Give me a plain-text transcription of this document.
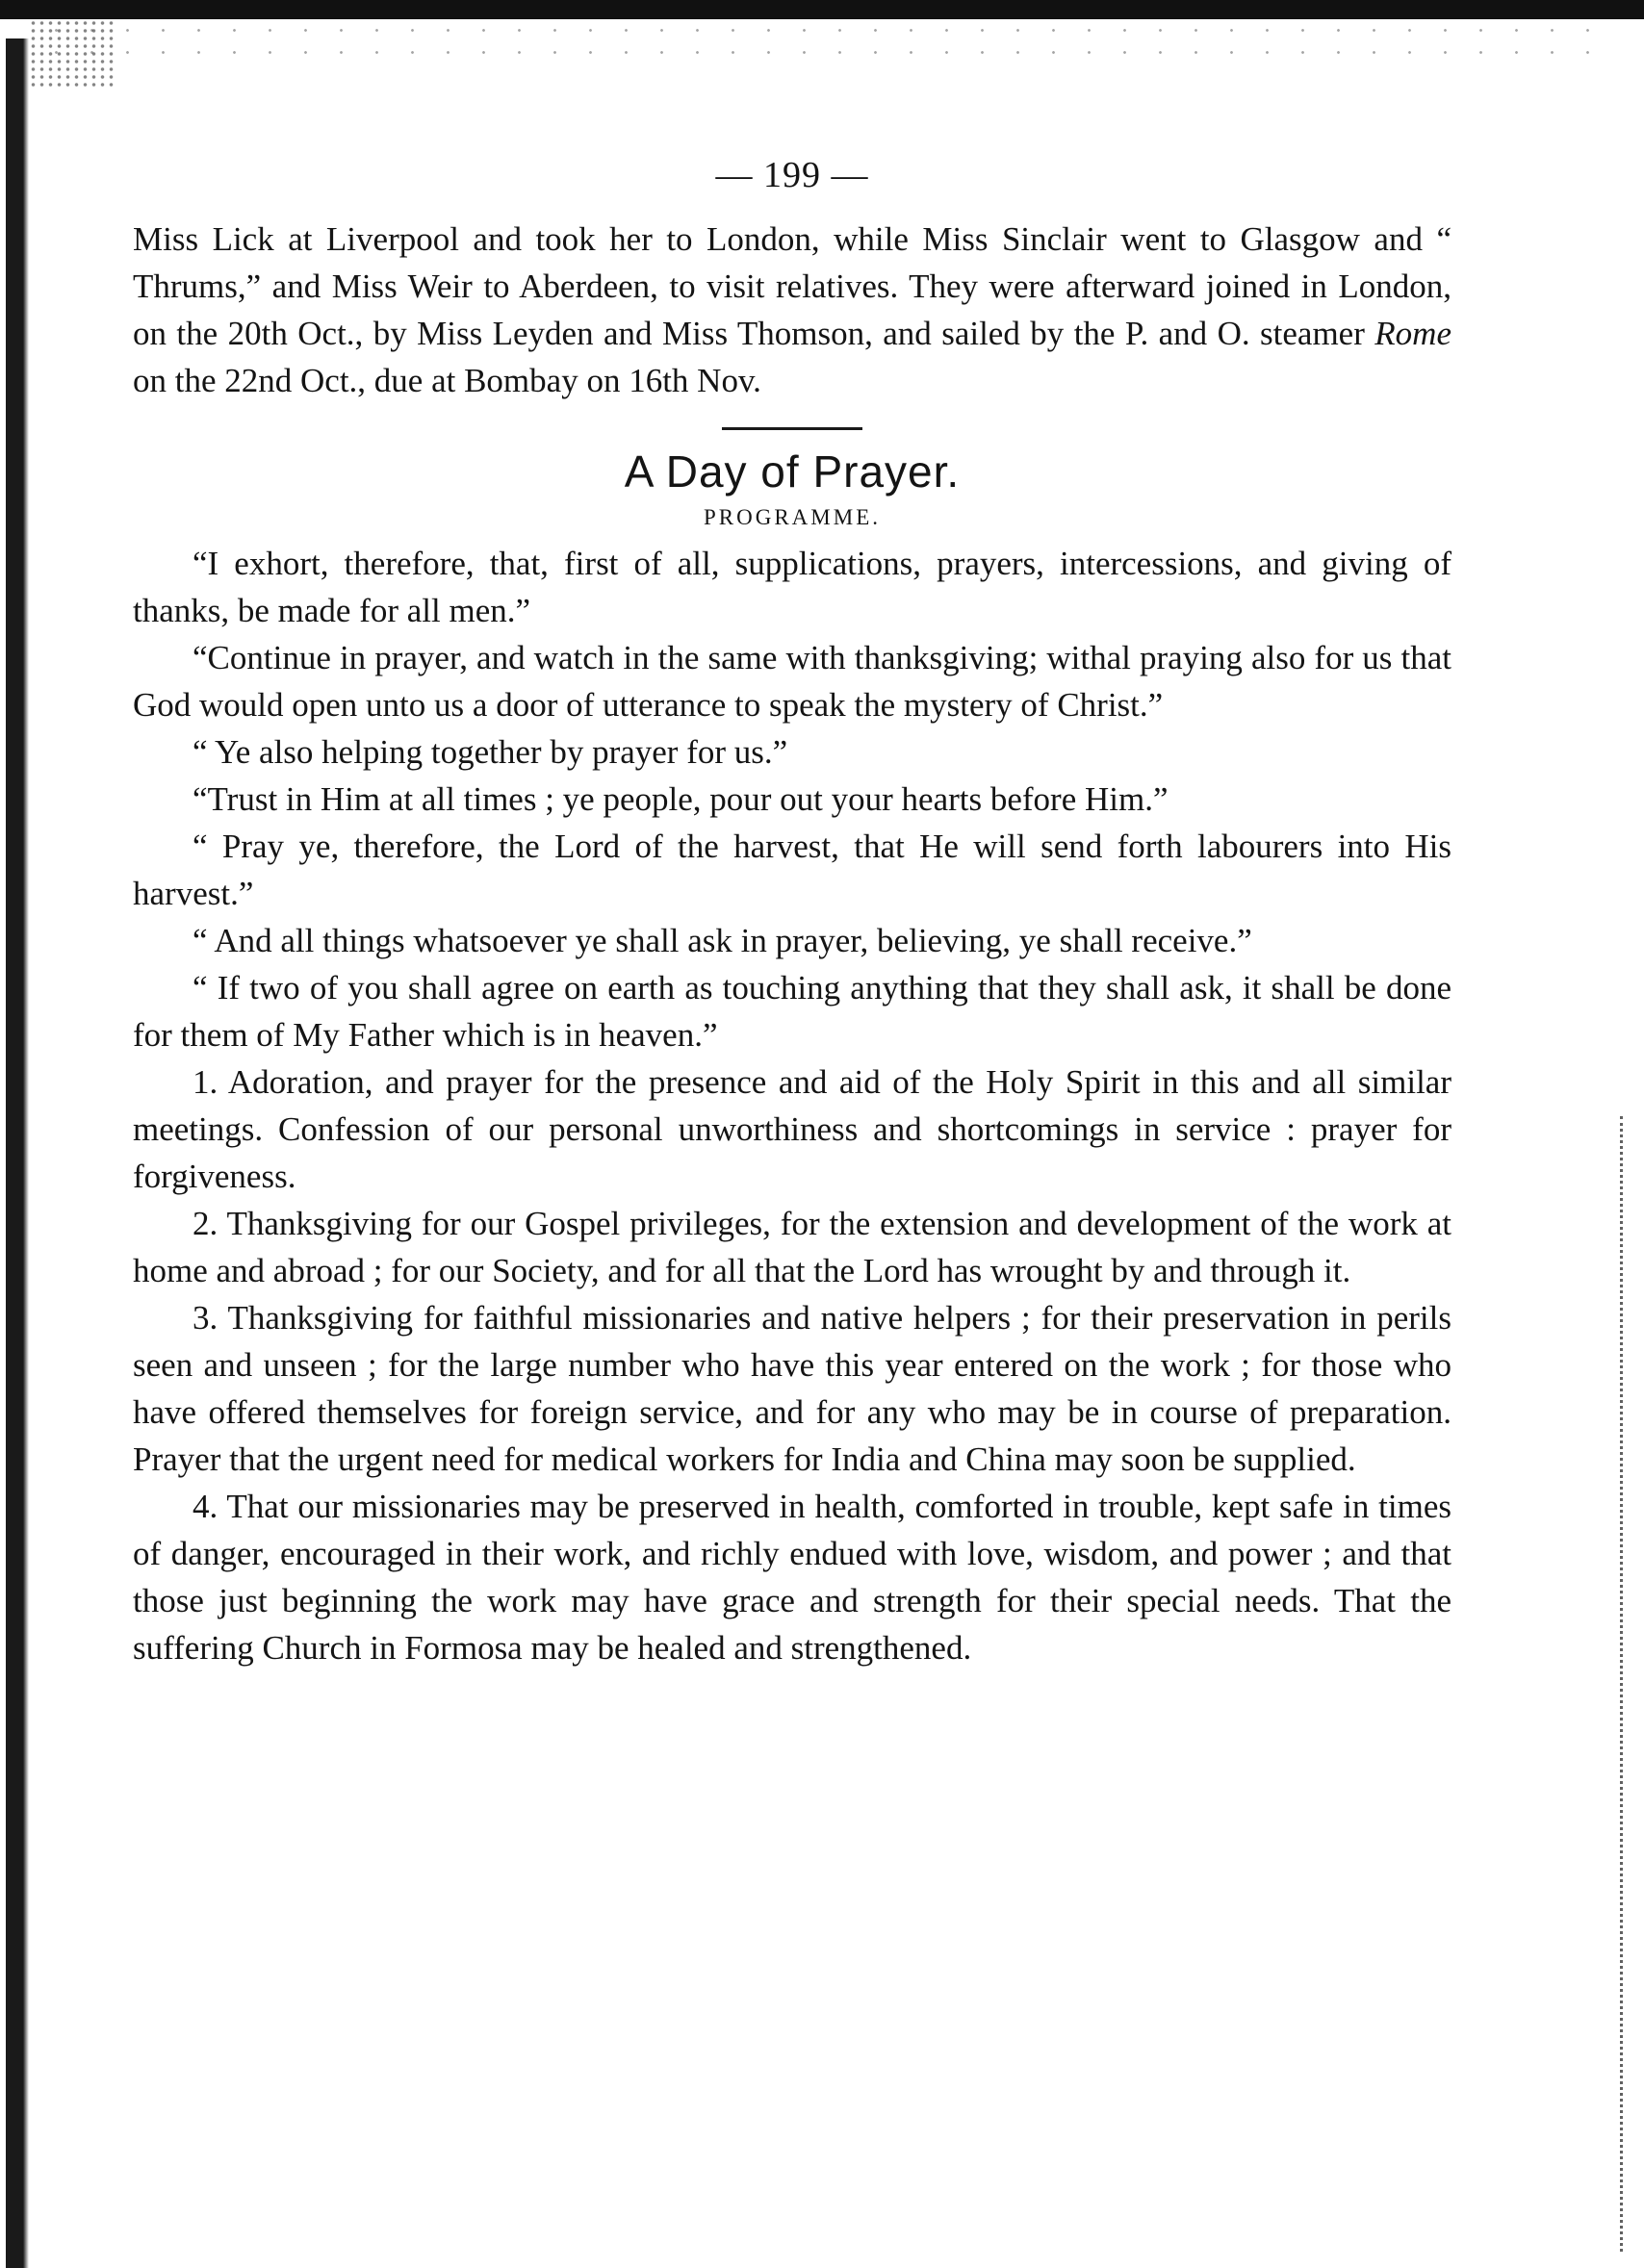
— 199 —

Miss Lick at Liverpool and took her to London, while Miss Sinclair went to Glasgow and “ Thrums,” and Miss Weir to Aberdeen, to visit relatives. They were afterward joined in London, on the 20th Oct., by Miss Leyden and Miss Thomson, and sailed by the P. and O. steamer Rome on the 22nd Oct., due at Bombay on 16th Nov.

A Day of Prayer.
PROGRAMME.

“I exhort, therefore, that, first of all, supplications, prayers, intercessions, and giving of thanks, be made for all men.”

“Continue in prayer, and watch in the same with thanksgiving; withal praying also for us that God would open unto us a door of utterance to speak the mystery of Christ.”

“ Ye also helping together by prayer for us.”

“Trust in Him at all times ; ye people, pour out your hearts before Him.”

“ Pray ye, therefore, the Lord of the harvest, that He will send forth labourers into His harvest.”

“ And all things whatsoever ye shall ask in prayer, believing, ye shall receive.”

“ If two of you shall agree on earth as touching anything that they shall ask, it shall be done for them of My Father which is in heaven.”

1. Adoration, and prayer for the presence and aid of the Holy Spirit in this and all similar meetings. Confession of our personal unworthiness and shortcomings in service : prayer for forgiveness.

2. Thanksgiving for our Gospel privileges, for the extension and development of the work at home and abroad ; for our Society, and for all that the Lord has wrought by and through it.

3. Thanksgiving for faithful missionaries and native helpers ; for their preservation in perils seen and unseen ; for the large number who have this year entered on the work ; for those who have offered themselves for foreign service, and for any who may be in course of preparation. Prayer that the urgent need for medical workers for India and China may soon be supplied.

4. That our missionaries may be preserved in health, comforted in trouble, kept safe in times of danger, encouraged in their work, and richly endued with love, wisdom, and power ; and that those just beginning the work may have grace and strength for their special needs. That the suffering Church in Formosa may be healed and strengthened.
